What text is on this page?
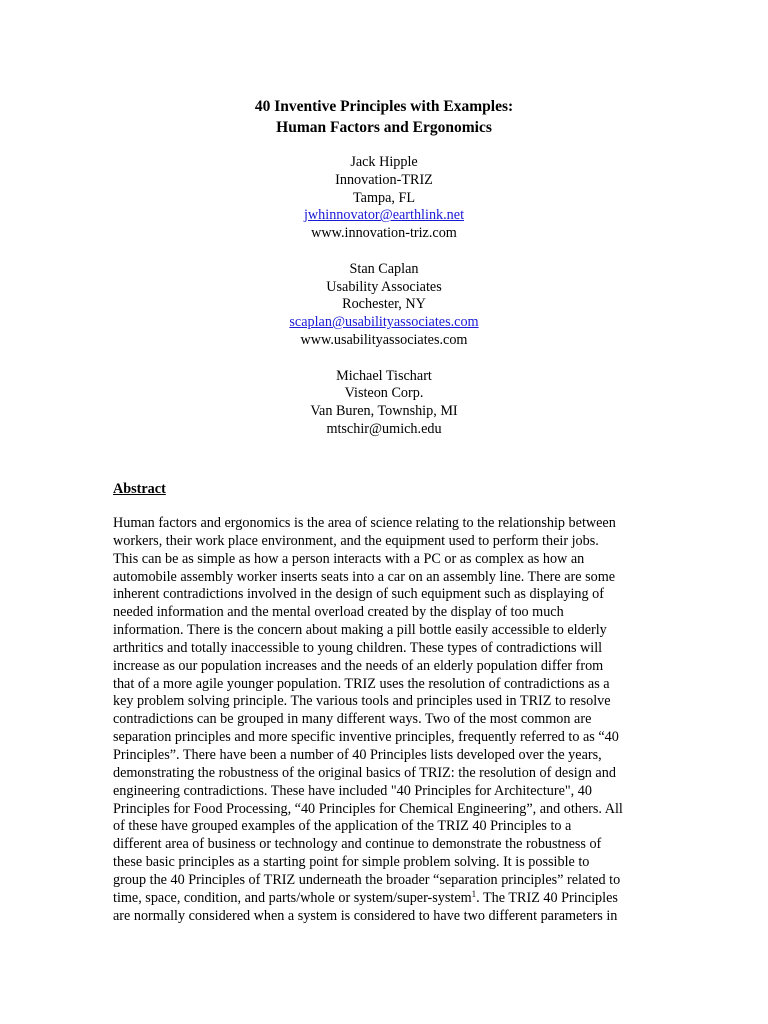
40 Inventive Principles with Examples:
Human Factors and Ergonomics
Jack Hipple
Innovation-TRIZ
Tampa, FL
jwhinnovator@earthlink.net
www.innovation-triz.com
Stan Caplan
Usability Associates
Rochester, NY
scaplan@usabilityassociates.com
www.usabilityassociates.com
Michael Tischart
Visteon Corp.
Van Buren, Township, MI
mtschir@umich.edu
Abstract
Human factors and ergonomics is the area of science relating to the relationship between
workers, their work place environment, and the equipment used to perform their jobs.
This can be as simple as how a person interacts with a PC or as complex as how an
automobile assembly worker inserts seats into a car on an assembly line. There are some
inherent contradictions involved in the design of such equipment such as displaying of
needed information and the mental overload created by the display of too much
information. There is the concern about making a pill bottle easily accessible to elderly
arthritics and totally inaccessible to young children. These types of contradictions will
increase as our population increases and the needs of an elderly population differ from
that of a more agile younger population. TRIZ uses the resolution of contradictions as a
key problem solving principle. The various tools and principles used in TRIZ to resolve
contradictions can be grouped in many different ways. Two of the most common are
separation principles and more specific inventive principles, frequently referred to as “40
Principles”. There have been a number of 40 Principles lists developed over the years,
demonstrating the robustness of the original basics of TRIZ: the resolution of design and
engineering contradictions. These have included "40 Principles for Architecture", 40
Principles for Food Processing, “40 Principles for Chemical Engineering”, and others. All
of these have grouped examples of the application of the TRIZ 40 Principles to a
different area of business or technology and continue to demonstrate the robustness of
these basic principles as a starting point for simple problem solving. It is possible to
group the 40 Principles of TRIZ underneath the broader “separation principles” related to
time, space, condition, and parts/whole or system/super-system$^1$. The TRIZ 40 Principles
are normally considered when a system is considered to have two different parameters in
